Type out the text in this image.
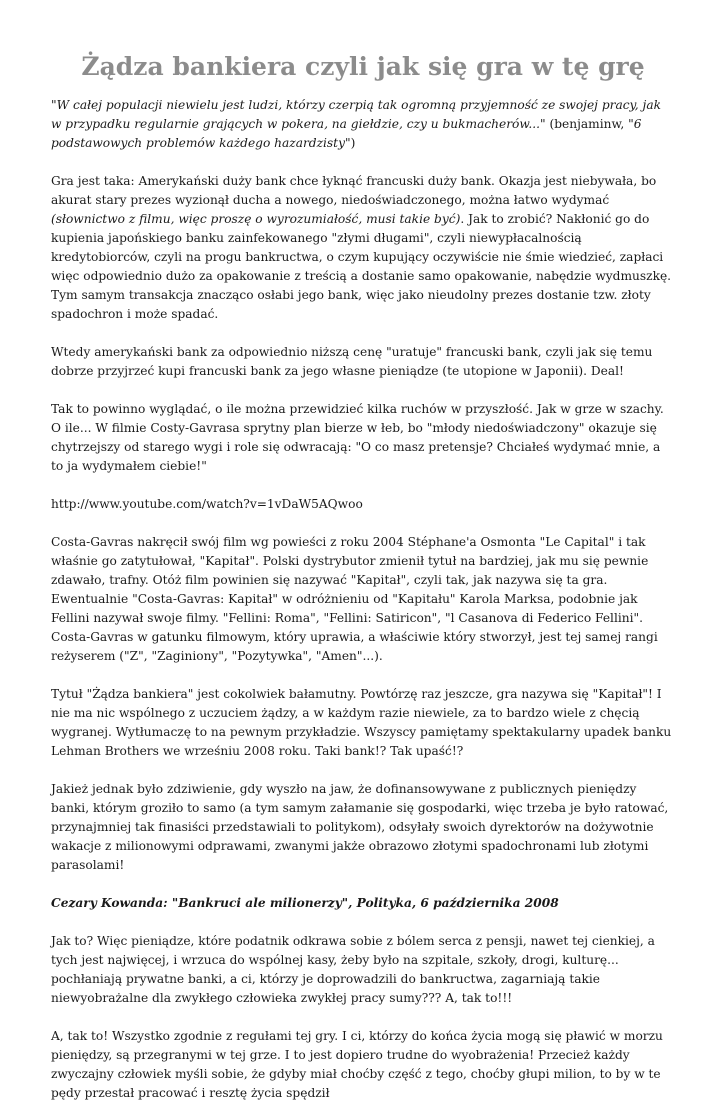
Żądza bankiera czyli jak się gra w tę grę

"W całej populacji niewielu jest ludzi, którzy czerpią tak ogromną przyjemność ze swojej pracy, jak w przypadku regularnie grających w pokera, na giełdzie, czy u bukmacherów..." (benjaminw, "6 podstawowych problemów każdego hazardzisty")

Gra jest taka: Amerykański duży bank chce łyknąć francuski duży bank. Okazja jest niebywała, bo akurat stary prezes wyzionął ducha a nowego, niedoświadczonego, można łatwo wydymać (słownictwo z filmu, więc proszę o wyrozumiałość, musi takie być). Jak to zrobić? Nakłonić go do kupienia japońskiego banku zainfekowanego "złymi długami", czyli niewypłacalnością kredytobiorców, czyli na progu bankructwa, o czym kupujący oczywiście nie śmie wiedzieć, zapłaci więc odpowiednio dużo za opakowanie z treścią a dostanie samo opakowanie, nabędzie wydmuszkę. Tym samym transakcja znacząco osłabi jego bank, więc jako nieudolny prezes dostanie tzw. złoty spadochron i może spadać.

Wtedy amerykański bank za odpowiednio niższą cenę "uratuje" francuski bank, czyli jak się temu dobrze przyjrzeć kupi francuski bank za jego własne pieniądze (te utopione w Japonii). Deal!

Tak to powinno wyglądać, o ile można przewidzieć kilka ruchów w przyszłość. Jak w grze w szachy. O ile... W filmie Costy-Gavrasa sprytny plan bierze w łeb, bo "młody niedoświadczony" okazuje się chytrzejszy od starego wygi i role się odwracają: "O co masz pretensje? Chciałeś wydymać mnie, a to ja wydymałem ciebie!"

http://www.youtube.com/watch?v=1vDaW5AQwoo

Costa-Gavras nakręcił swój film wg powieści z roku 2004 Stéphane'a Osmonta "Le Capital" i tak właśnie go zatytułował, "Kapitał". Polski dystrybutor zmienił tytuł na bardziej, jak mu się pewnie zdawało, trafny. Otóż film powinien się nazywać "Kapitał", czyli tak, jak nazywa się ta gra. Ewentualnie "Costa-Gavras: Kapitał" w odróżnieniu od "Kapitału" Karola Marksa, podobnie jak Fellini nazywał swoje filmy. "Fellini: Roma", "Fellini: Satiricon", "l Casanova di Federico Fellini". Costa-Gavras w gatunku filmowym, który uprawia, a właściwie który stworzył, jest tej samej rangi reżyserem ("Z", "Zaginiony", "Pozytywka", "Amen"...).

Tytuł "Żądza bankiera" jest cokolwiek bałamutny. Powtórzę raz jeszcze, gra nazywa się "Kapitał"! I nie ma nic wspólnego z uczuciem żądzy, a w każdym razie niewiele, za to bardzo wiele z chęcią wygranej. Wytłumaczę to na pewnym przykładzie. Wszyscy pamiętamy spektakularny upadek banku Lehman Brothers we wrześniu 2008 roku. Taki bank!? Tak upaść!?

Jakież jednak było zdziwienie, gdy wyszło na jaw, że dofinansowywane z publicznych pieniędzy banki, którym groziło to samo (a tym samym załamanie się gospodarki, więc trzeba je było ratować, przynajmniej tak finasiści przedstawiali to politykom), odsyłały swoich dyrektorów na dożywotnie wakacje z milionowymi odprawami, zwanymi jakże obrazowo złotymi spadochronami lub złotymi parasolami!

Cezary Kowanda: "Bankruci ale milionerzy", Polityka, 6 października 2008

Jak to? Więc pieniądze, które podatnik odkrawa sobie z bólem serca z pensji, nawet tej cienkiej, a tych jest najwięcej, i wrzuca do wspólnej kasy, żeby było na szpitale, szkoły, drogi, kulturę... pochłaniają prywatne banki, a ci, którzy je doprowadzili do bankructwa, zagarniają takie niewyobrażalne dla zwykłego człowieka zwykłej pracy sumy??? A, tak to!!!

A, tak to! Wszystko zgodnie z regułami tej gry. I ci, którzy do końca życia mogą się pławić w morzu pieniędzy, są przegranymi w tej grze. I to jest dopiero trudne do wyobrażenia! Przecież każdy zwyczajny człowiek myśli sobie, że gdyby miał choćby część z tego, choćby głupi milion, to by w te pędy przestał pracować i resztę życia spędził
